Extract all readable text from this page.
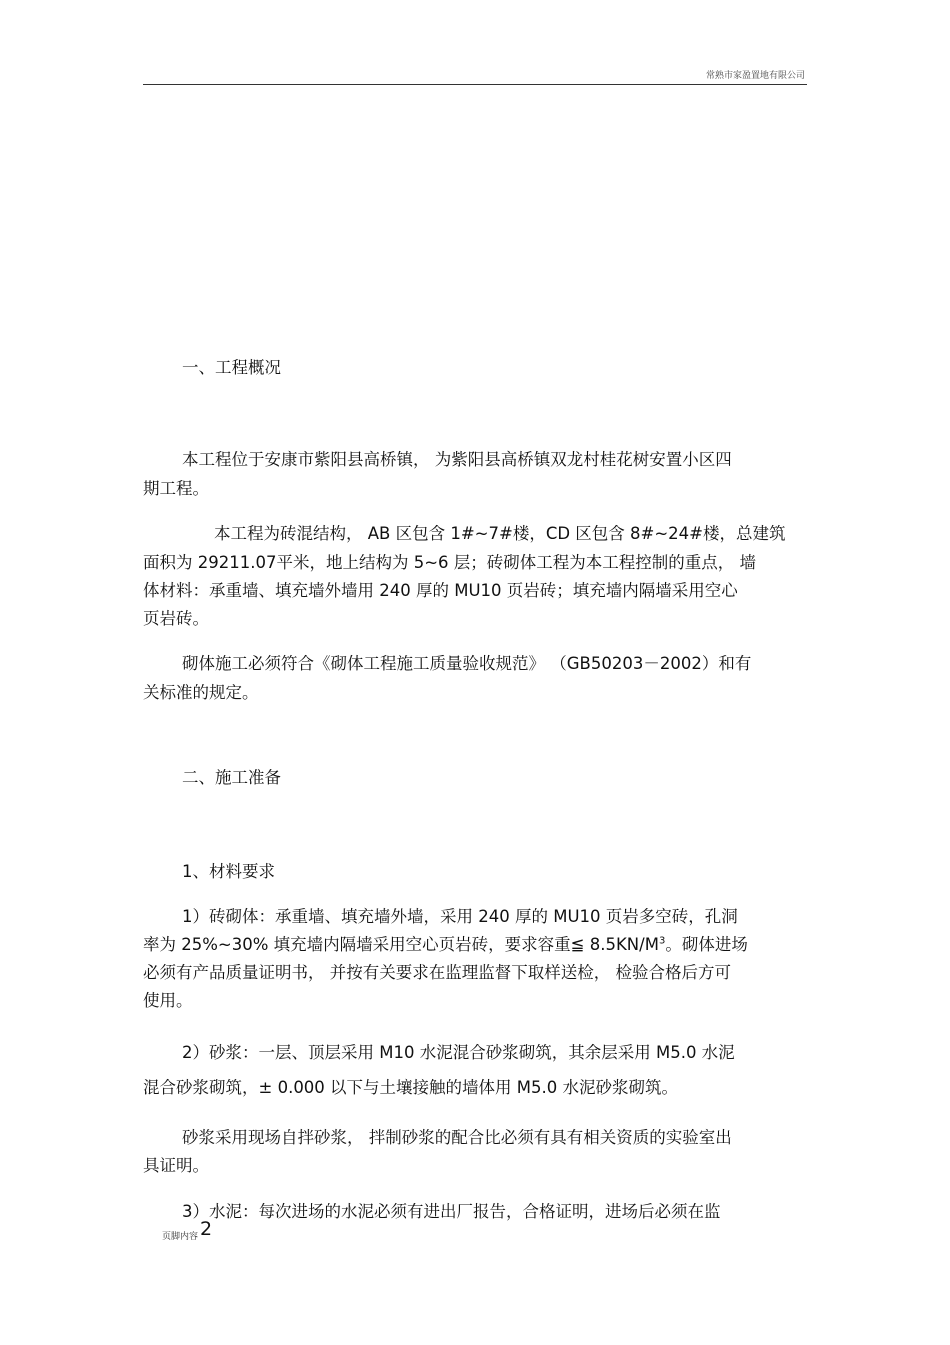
常熟市家盈置地有限公司
一、工程概况
本工程位于安康市紫阳县高桥镇， 为紫阳县高桥镇双龙村桂花树安置小区四
期工程。
本工程为砖混结构， AB 区包含 1#~7#楼，CD 区包含 8#~24#楼，总建筑
面积为 29211.07平米，地上结构为 5~6 层；砖砌体工程为本工程控制的重点， 墙
体材料：承重墙、填充墙外墙用 240 厚的 MU10 页岩砖；填充墙内隔墙采用空心
页岩砖。
砌体施工必须符合《砌体工程施工质量验收规范》 （GB50203－2002）和有
关标准的规定。
二、施工准备
1、材料要求
1）砖砌体：承重墙、填充墙外墙，采用 240 厚的 MU10 页岩多空砖，孔洞
率为 25%~30% 填充墙内隔墙采用空心页岩砖，要求容重≦ $8.5KN/M^3$。砌体进场
必须有产品质量证明书， 并按有关要求在监理监督下取样送检， 检验合格后方可
使用。
2）砂浆：一层、顶层采用 M10 水泥混合砂浆砌筑，其余层采用 M5.0 水泥
混合砂浆砌筑，± 0.000 以下与土壤接触的墙体用 M5.0 水泥砂浆砌筑。
砂浆采用现场自拌砂浆， 拌制砂浆的配合比必须有具有相关资质的实验室出
具证明。
3）水泥：每次进场的水泥必须有进出厂报告，合格证明，进场后必须在监
页脚内容 2
